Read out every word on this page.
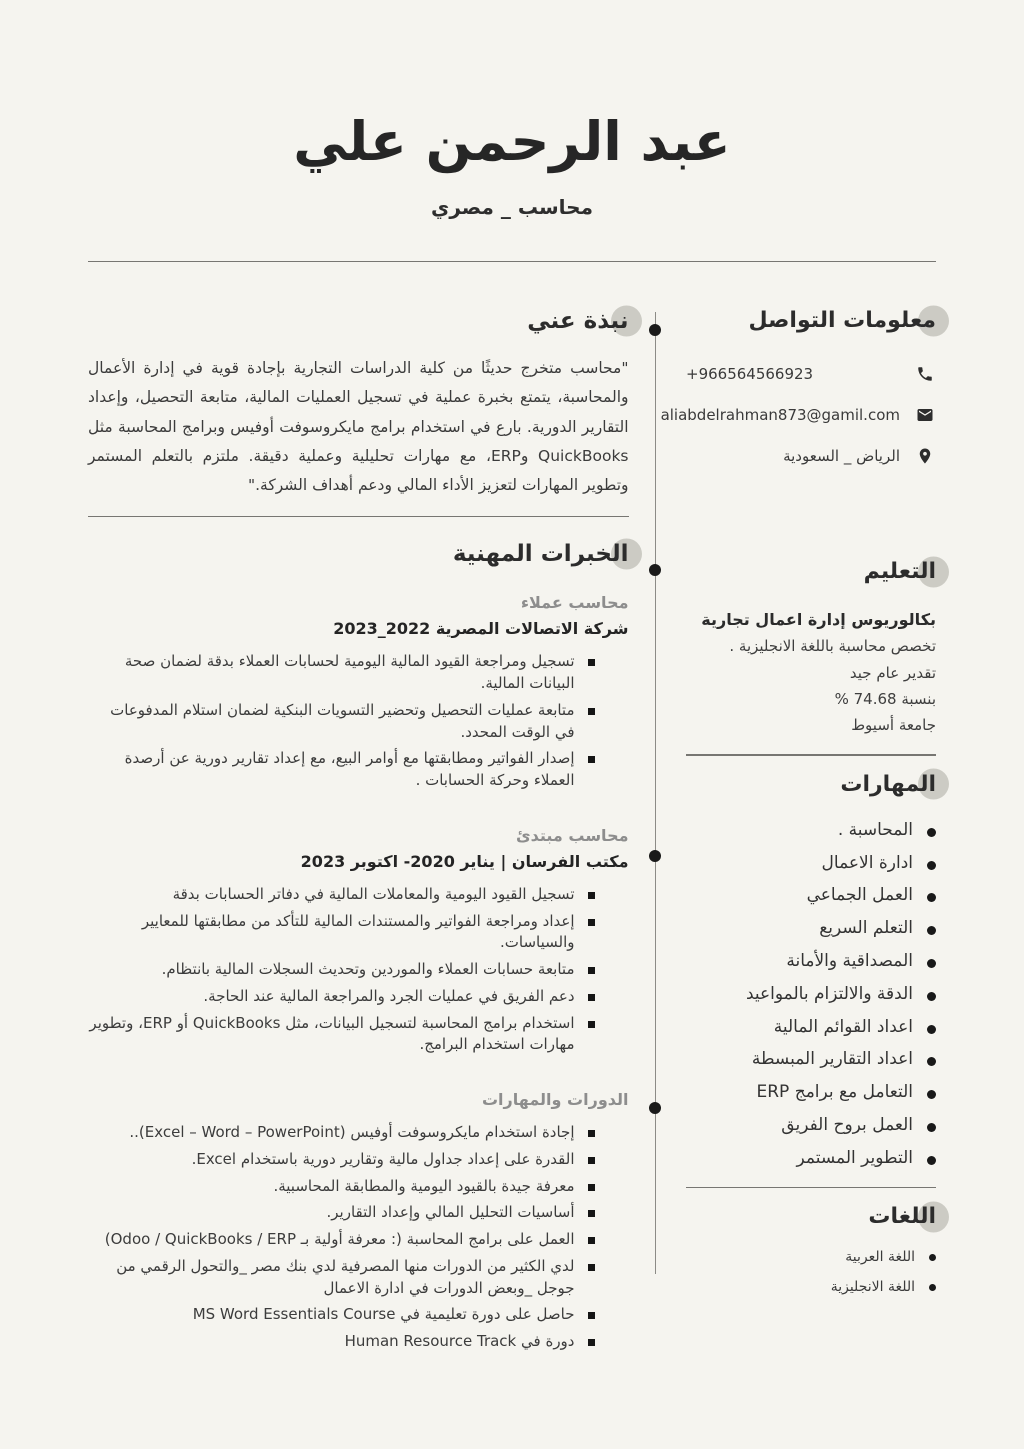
عبد الرحمن علي
محاسب _ مصري
معلومات التواصل
+966564566923
aliabdelrahman873@gamil.com
الرياض _ السعودية
التعليم
بكالوريوس إدارة اعمال تجارية
تخصص محاسبة باللغة الانجليزية .
تقدير عام جيد
بنسبة 74.68 %
جامعة أسيوط
المهارات
المحاسبة .
ادارة الاعمال
العمل الجماعي
التعلم السريع
المصداقية والأمانة
الدقة والالتزام بالمواعيد
اعداد القوائم المالية
اعداد التقارير المبسطة
التعامل مع برامج ERP
العمل بروح الفريق
التطوير المستمر
اللغات
اللغة العربية
اللغة الانجليزية
نبذة عني

"محاسب متخرج حديثًا من كلية الدراسات التجارية بإجادة قوية في إدارة الأعمال والمحاسبة، يتمتع بخبرة عملية في تسجيل العمليات المالية، متابعة التحصيل، وإعداد التقارير الدورية. بارع في استخدام برامج مايكروسوفت أوفيس وبرامج المحاسبة مثل QuickBooks وERP، مع مهارات تحليلية وعملية دقيقة. ملتزم بالتعلم المستمر وتطوير المهارات لتعزيز الأداء المالي ودعم أهداف الشركة."

الخبرات المهنية
محاسب عملاء
شركة الاتصالات المصرية 2022_2023
تسجيل ومراجعة القيود المالية اليومية لحسابات العملاء بدقة لضمان صحة البيانات المالية.
متابعة عمليات التحصيل وتحضير التسويات البنكية لضمان استلام المدفوعات في الوقت المحدد.
إصدار الفواتير ومطابقتها مع أوامر البيع، مع إعداد تقارير دورية عن أرصدة العملاء وحركة الحسابات .
محاسب مبتدئ
مكتب الفرسان | يناير 2020- اكتوبر 2023
تسجيل القيود اليومية والمعاملات المالية في دفاتر الحسابات بدقة
إعداد ومراجعة الفواتير والمستندات المالية للتأكد من مطابقتها للمعايير والسياسات.
متابعة حسابات العملاء والموردين وتحديث السجلات المالية بانتظام.
دعم الفريق في عمليات الجرد والمراجعة المالية عند الحاجة.
استخدام برامج المحاسبة لتسجيل البيانات، مثل QuickBooks أو ERP، وتطوير مهارات استخدام البرامج.
الدورات والمهارات
إجادة استخدام مايكروسوفت أوفيس (Excel – Word – PowerPoint)..
القدرة على إعداد جداول مالية وتقارير دورية باستخدام Excel.
معرفة جيدة بالقيود اليومية والمطابقة المحاسبية.
أساسيات التحليل المالي وإعداد التقارير.
العمل على برامج المحاسبة (: معرفة أولية بـ Odoo / QuickBooks / ERP)
لدي الكثير من الدورات منها المصرفية لدي بنك مصر _والتحول الرقمي من جوجل _وبعض الدورات في ادارة الاعمال
حاصل على دورة تعليمية في MS Word Essentials Course
دورة في Human Resource Track
